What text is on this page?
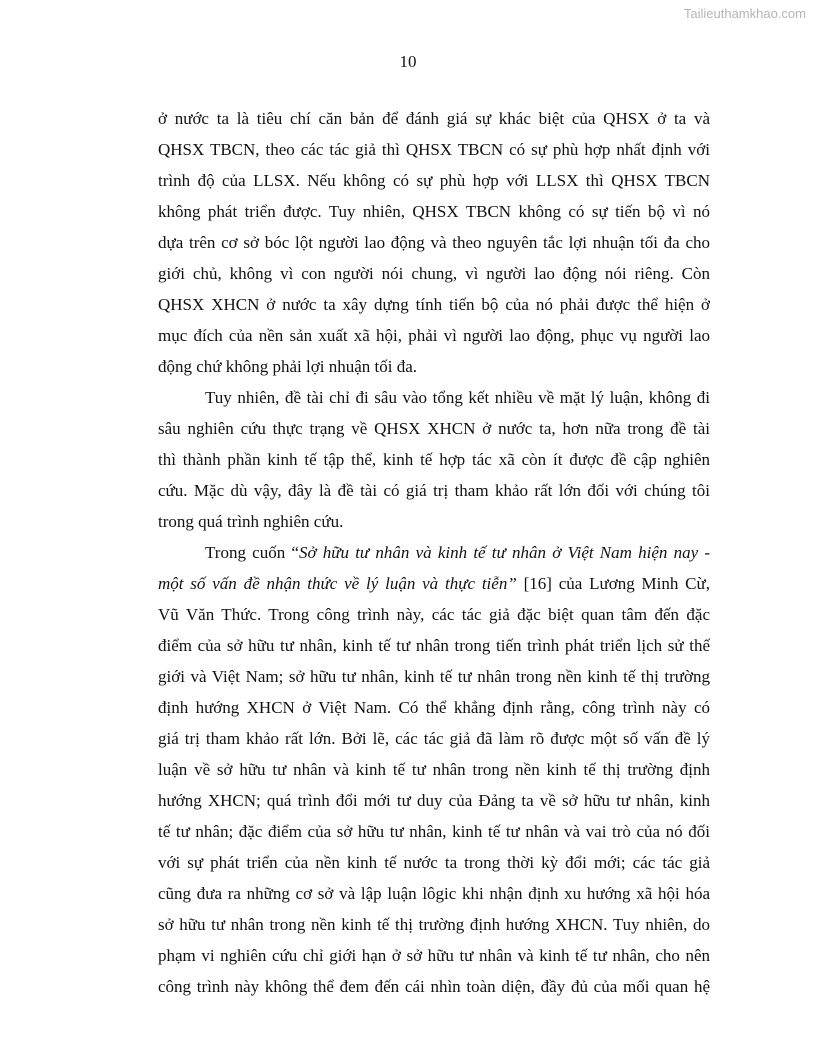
Tailieuthamkhao.com
10
ở nước ta là tiêu chí căn bản để đánh giá sự khác biệt của QHSX ở ta và
QHSX TBCN, theo các tác giả thì QHSX TBCN có sự phù hợp nhất định với
trình độ của LLSX. Nếu không có sự phù hợp với LLSX thì QHSX TBCN
không phát triển được. Tuy nhiên, QHSX TBCN không có sự tiến bộ vì nó
dựa trên cơ sở bóc lột người lao động và theo nguyên tắc lợi nhuận tối đa cho
giới chủ, không vì con người nói chung, vì người lao động nói riêng. Còn
QHSX XHCN ở nước ta xây dựng tính tiến bộ của nó phải được thể hiện ở
mục đích của nền sản xuất xã hội, phải vì người lao động, phục vụ người lao
động chứ không phải lợi nhuận tối đa.
Tuy nhiên, đề tài chỉ đi sâu vào tổng kết nhiều về mặt lý luận, không đi
sâu nghiên cứu thực trạng về QHSX XHCN ở nước ta, hơn nữa trong đề tài
thì thành phần kinh tế tập thể, kinh tế hợp tác xã còn ít được đề cập nghiên
cứu. Mặc dù vậy, đây là đề tài có giá trị tham khảo rất lớn đối với chúng tôi
trong quá trình nghiên cứu.
Trong cuốn “Sở hữu tư nhân và kinh tế tư nhân ở Việt Nam hiện nay -
một số vấn đề nhận thức về lý luận và thực tiễn” [16] của Lương Minh Cừ,
Vũ Văn Thức. Trong công trình này, các tác giả đặc biệt quan tâm đến đặc
điểm của sở hữu tư nhân, kinh tế tư nhân trong tiến trình phát triển lịch sử thế
giới và Việt Nam; sở hữu tư nhân, kinh tế tư nhân trong nền kinh tế thị trường
định hướng XHCN ở Việt Nam. Có thể khẳng định rằng, công trình này có
giá trị tham khảo rất lớn. Bởi lẽ, các tác giả đã làm rõ được một số vấn đề lý
luận về sở hữu tư nhân và kinh tế tư nhân trong nền kinh tế thị trường định
hướng XHCN; quá trình đổi mới tư duy của Đảng ta về sở hữu tư nhân, kinh
tế tư nhân; đặc điểm của sở hữu tư nhân, kinh tế tư nhân và vai trò của nó đối
với sự phát triển của nền kinh tế nước ta trong thời kỳ đổi mới; các tác giả
cũng đưa ra những cơ sở và lập luận lôgic khi nhận định xu hướng xã hội hóa
sở hữu tư nhân trong nền kinh tế thị trường định hướng XHCN. Tuy nhiên, do
phạm vi nghiên cứu chỉ giới hạn ở sở hữu tư nhân và kinh tế tư nhân, cho nên
công trình này không thể đem đến cái nhìn toàn diện, đầy đủ của mối quan hệ
